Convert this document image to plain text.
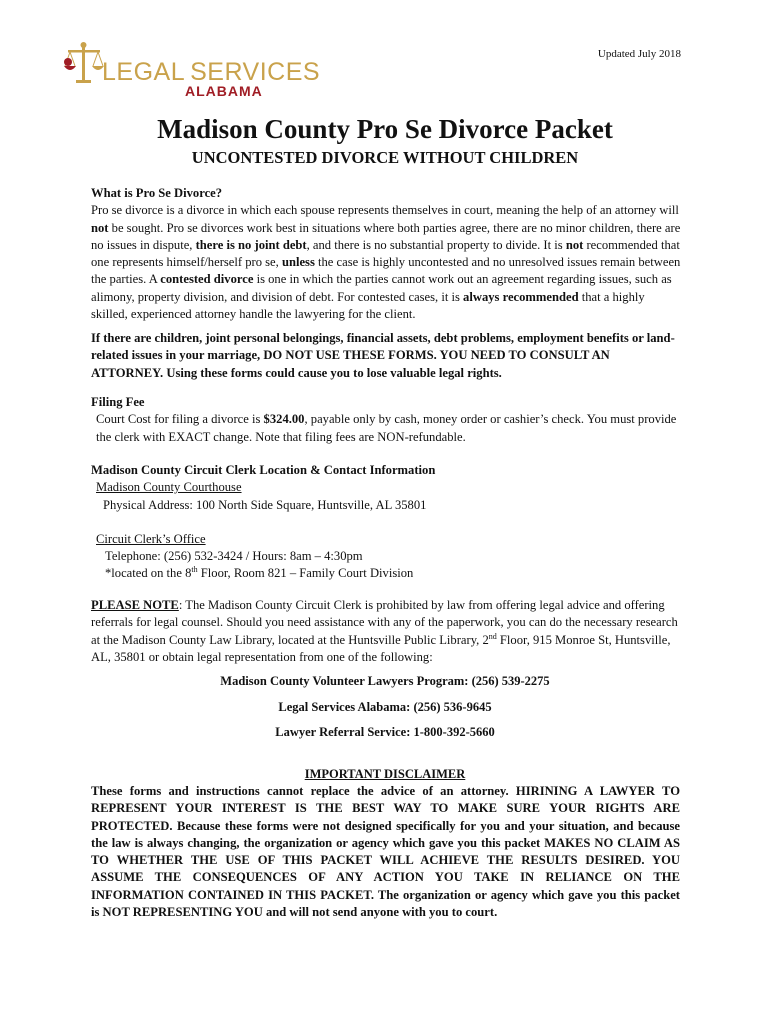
LEGAL SERVICES
ALABAMA
Updated July 2018
Madison County Pro Se Divorce Packet
UNCONTESTED DIVORCE WITHOUT CHILDREN
What is Pro Se Divorce?
Pro se divorce is a divorce in which each spouse represents themselves in court, meaning the help of an attorney will
not be sought. Pro se divorces work best in situations where both parties agree, there are no minor children, there are
no issues in dispute, there is no joint debt, and there is no substantial property to divide. It is not recommended that
one represents himself/herself pro se, unless the case is highly uncontested and no unresolved issues remain between
the parties. A contested divorce is one in which the parties cannot work out an agreement regarding issues, such as
alimony, property division, and division of debt. For contested cases, it is always recommended that a highly
skilled, experienced attorney handle the lawyering for the client.
If there are children, joint personal belongings, financial assets, debt problems, employment benefits or land-
related issues in your marriage, DO NOT USE THESE FORMS. YOU NEED TO CONSULT AN
ATTORNEY. Using these forms could cause you to lose valuable legal rights.
Filing Fee
Court Cost for filing a divorce is $324.00, payable only by cash, money order or cashier’s check. You must provide
the clerk with EXACT change. Note that filing fees are NON-refundable.
Madison County Circuit Clerk Location & Contact Information
Madison County Courthouse
Physical Address: 100 North Side Square, Huntsville, AL 35801
Circuit Clerk’s Office
Telephone: (256) 532-3424 / Hours: 8am – 4:30pm
*located on the 8th Floor, Room 821 – Family Court Division
PLEASE NOTE: The Madison County Circuit Clerk is prohibited by law from offering legal advice and offering
referrals for legal counsel. Should you need assistance with any of the paperwork, you can do the necessary research
at the Madison County Law Library, located at the Huntsville Public Library, 2nd Floor, 915 Monroe St, Huntsville,
AL, 35801 or obtain legal representation from one of the following:
Madison County Volunteer Lawyers Program: (256) 539-2275
Legal Services Alabama: (256) 536-9645
Lawyer Referral Service: 1-800-392-5660
IMPORTANT DISCLAIMER
These forms and instructions cannot replace the advice of an attorney. HIRINING A LAWYER TO
REPRESENT YOUR INTEREST IS THE BEST WAY TO MAKE SURE YOUR RIGHTS ARE
PROTECTED. Because these forms were not designed specifically for you and your situation, and because
the law is always changing, the organization or agency which gave you this packet MAKES NO CLAIM AS
TO WHETHER THE USE OF THIS PACKET WILL ACHIEVE THE RESULTS DESIRED. YOU
ASSUME THE CONSEQUENCES OF ANY ACTION YOU TAKE IN RELIANCE ON THE
INFORMATION CONTAINED IN THIS PACKET. The organization or agency which gave you this packet
is NOT REPRESENTING YOU and will not send anyone with you to court.
